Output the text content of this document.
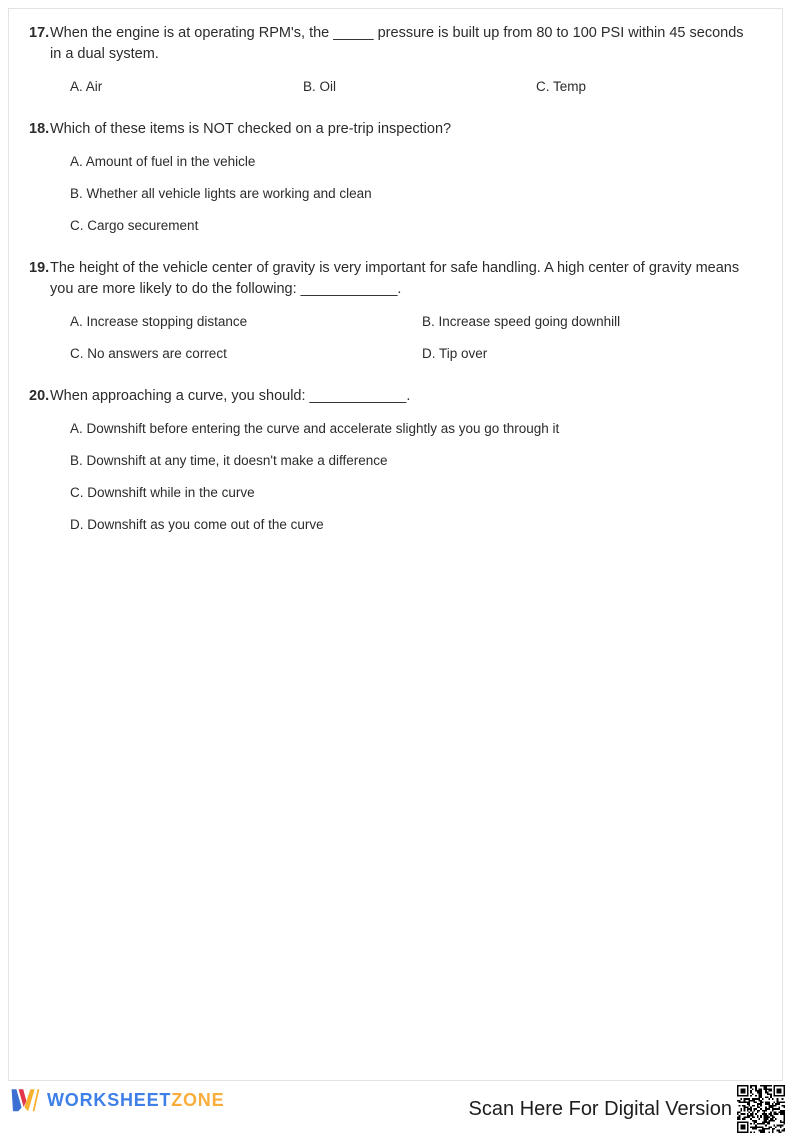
17. When the engine is at operating RPM's, the _____ pressure is built up from 80 to 100 PSI within 45 seconds in a dual system.
A. Air	B. Oil	C. Temp
18. Which of these items is NOT checked on a pre-trip inspection?
A. Amount of fuel in the vehicle
B. Whether all vehicle lights are working and clean
C. Cargo securement
19. The height of the vehicle center of gravity is very important for safe handling. A high center of gravity means you are more likely to do the following: ____________.
A. Increase stopping distance	B. Increase speed going downhill
C. No answers are correct	D. Tip over
20. When approaching a curve, you should: ____________.
A. Downshift before entering the curve and accelerate slightly as you go through it
B. Downshift at any time, it doesn't make a difference
C. Downshift while in the curve
D. Downshift as you come out of the curve
WORKSHEETZONE	Scan Here For Digital Version
